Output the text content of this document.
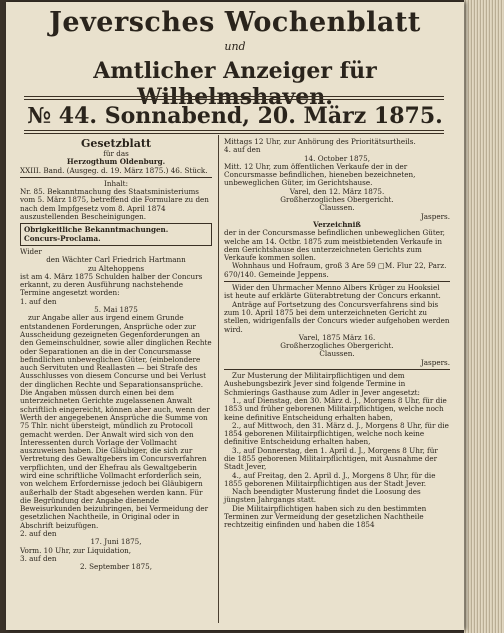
Jeversches Wochenblatt
und
Amtlicher Anzeiger für Wilhelmshaven.
№ 44. Sonnabend, 20. März 1875.

Gesetzblatt

für das

Herzogthum Oldenburg.

XXIII. Band. (Ausgeg. d. 19. März 1875.) 46. Stück.

Inhalt:

Nr. 85. Bekanntmachung des Staatsministeriums vom 5. März 1875, betreffend die Formulare zu den nach dem Impfgesetz vom 8. April 1874 auszustellenden Bescheinigungen.

Obrigkeitliche Bekanntmachungen.

Concurs-Proclama.

Wider

den Wächter Carl Friedrich Hartmann

zu Altehoppens

ist am 4. März 1875 Schulden halber der Concurs erkannt, zu deren Ausführung nachstehende Termine angesetzt worden:

1. auf den

5. Mai 1875

zur Angabe aller aus irgend einem Grunde entstandenen Forderungen, Ansprüche oder zur Ausscheidung gezeigneten Gegenforderungen an den Gemeinschuldner, sowie aller dinglichen Rechte oder Separationen an die in der Concursmasse befindlichen unbeweglichen Güter, (einbelondere auch Servituten und Reallasten — bei Strafe des Ausschlusses von diesem Concurse und bei Verlust der dinglichen Rechte und Separationsansprüche. Die Angaben müssen durch einen bei dem unterzeichneten Gerichte zugelassenen Anwalt schriftlich eingereicht, können aber auch, wenn der Werth der angegebenen Ansprüche die Summe von 75 Thlr. nicht übersteigt, mündlich zu Protocoll gemacht werden. Der Anwalt wird sich von den Interessenten durch Vorlage der Vollmacht auszuweisen haben. Die Gläubiger, die sich zur Vertretung des Gewaltgebers im Concursverfahren verpflichten, und der Ehefrau als Gewaltgeberin wird eine schriftliche Vollmacht erforderlich sein, von welchem Erfordernisse jedoch bei Gläubigern außerhalb der Stadt abgesehen werden kann. Für die Begründung der Angabe dienende Beweisurkunden beizubringen, bei Vermeidung der gesetzlichen Nachtheile, in Original oder in Abschrift beizufügen.

2. auf den

17. Juni 1875,

Vorm. 10 Uhr, zur Liquidation,

3. auf den

2. September 1875,

Mittags 12 Uhr, zur Anhörung des Prioritätsurtheils.

4. auf den

14. October 1875,

Mitt. 12 Uhr, zum öffentlichen Verkaufe der in der Concursmasse befindlichen, hieneben bezeichneten, unbeweglichen Güter, im Gerichtshause.

Varel, den 12. März 1875.

Großherzogliches Obergericht.

Claussen.

Jaspers.

Verzeichniß

der in der Concursmasse befindlichen unbeweglichen Güter, welche am 14. Octbr. 1875 zum meistbietenden Verkaufe in dem Gerichtshause des unterzeichneten Gerichts zum Verkaufe kommen sollen.

Wohnhaus und Hofraum, groß 3 Are 59 □M. Flur 22, Parz. 670/140. Gemeinde Jeppens.

Wider den Uhrmacher Menno Albers Krüger zu Hooksiel ist heute auf erklärte Güterabtretung der Concurs erkannt.

Anträge auf Fortsetzung des Concursverfahrens sind bis zum 10. April 1875 bei dem unterzeichneten Gericht zu stellen, widrigenfalls der Concurs wieder aufgehoben werden wird.

Varel, 1875 März 16.

Großherzogliches Obergericht.

Claussen.

Jaspers.

Zur Musterung der Militairpflichtigen und dem Aushebungsbezirk Jever sind folgende Termine in Schmierings Gasthause zum Adler in Jever angesetzt:

1., auf Dienstag, den 30. März d. J., Morgens 8 Uhr, für die 1853 und früher geborenen Militairpflichtigen, welche noch keine definitive Entscheidung erhalten haben,

2., auf Mittwoch, den 31. März d. J., Morgens 8 Uhr, für die 1854 geborenen Militairpflichtigen, welche noch keine definitive Entscheidung erhalten haben,

3., auf Donnerstag, den 1. April d. J., Morgens 8 Uhr, für die 1855 geborenen Militairpflichtigen, mit Ausnahme der Stadt Jever,

4., auf Freitag, den 2. April d. J., Morgens 8 Uhr, für die 1855 geborenen Militairpflichtigen aus der Stadt Jever.

Nach beendigter Musterung findet die Loosung des jüngsten Jahrgangs statt.

Die Militairpflichtigen haben sich zu den bestimmten Terminen zur Vermeidung der gesetzlichen Nachtheile rechtzeitig einfinden und haben die 1854
